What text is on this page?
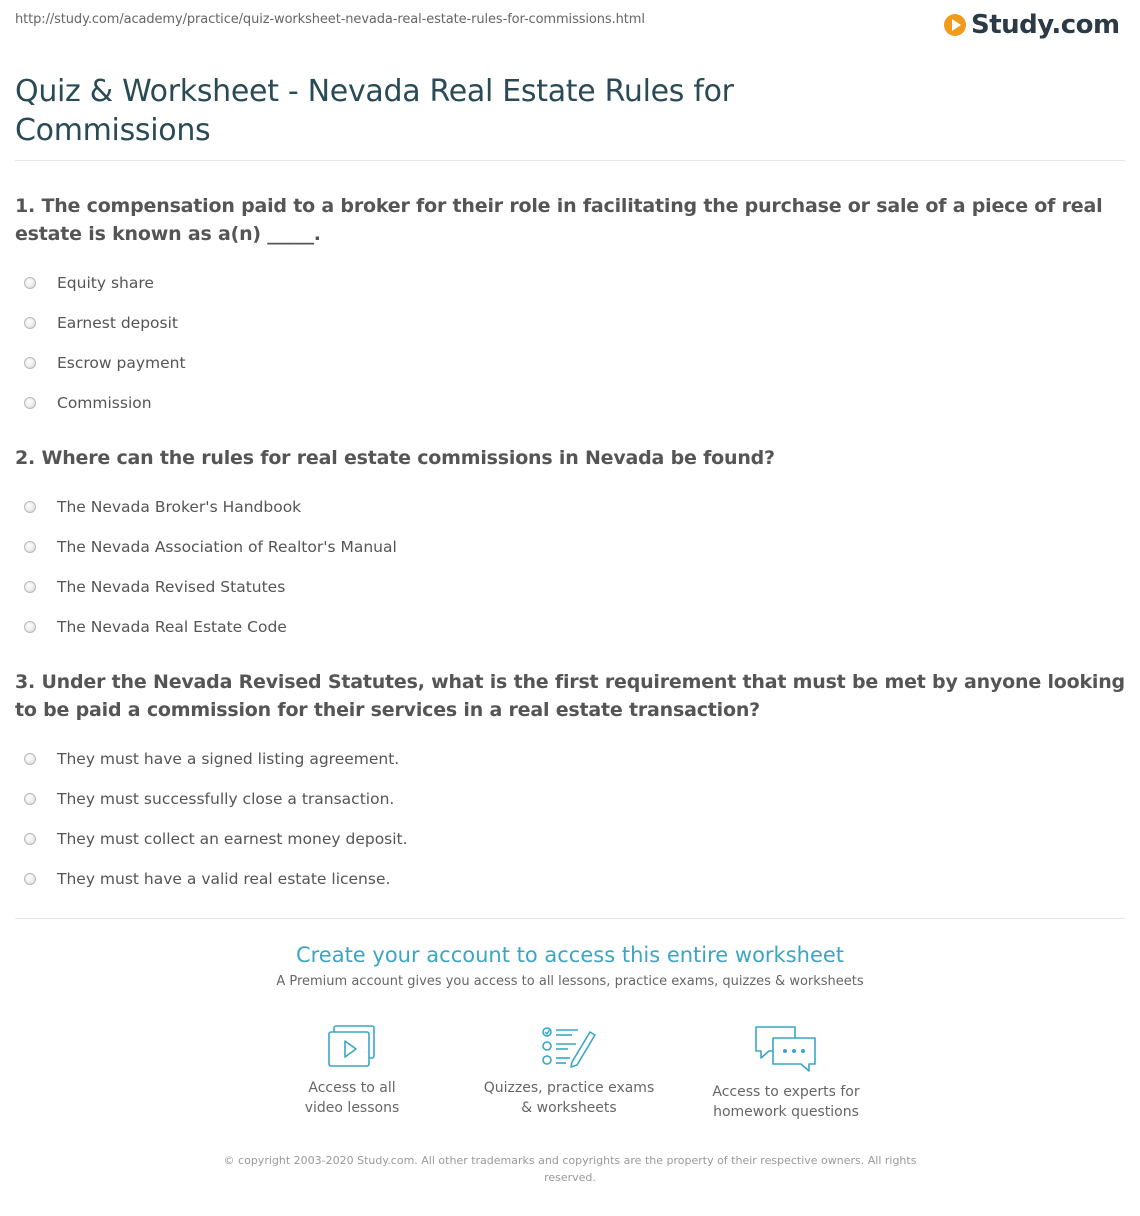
http://study.com/academy/practice/quiz-worksheet-nevada-real-estate-rules-for-commissions.html	Study.com
Quiz & Worksheet - Nevada Real Estate Rules for Commissions

1. The compensation paid to a broker for their role in facilitating the purchase or sale of a piece of real estate is known as a(n) _____.

Equity share
Earnest deposit
Escrow payment
Commission

2. Where can the rules for real estate commissions in Nevada be found?

The Nevada Broker's Handbook
The Nevada Association of Realtor's Manual
The Nevada Revised Statutes
The Nevada Real Estate Code

3. Under the Nevada Revised Statutes, what is the first requirement that must be met by anyone looking to be paid a commission for their services in a real estate transaction?

They must have a signed listing agreement.
They must successfully close a transaction.
They must collect an earnest money deposit.
They must have a valid real estate license.
Create your account to access this entire worksheet
A Premium account gives you access to all lessons, practice exams, quizzes & worksheets
Access to all
video lessons
Quizzes, practice exams
& worksheets
Access to experts for
homework questions
© copyright 2003-2020 Study.com. All other trademarks and copyrights are the property of their respective owners. All rights reserved.
